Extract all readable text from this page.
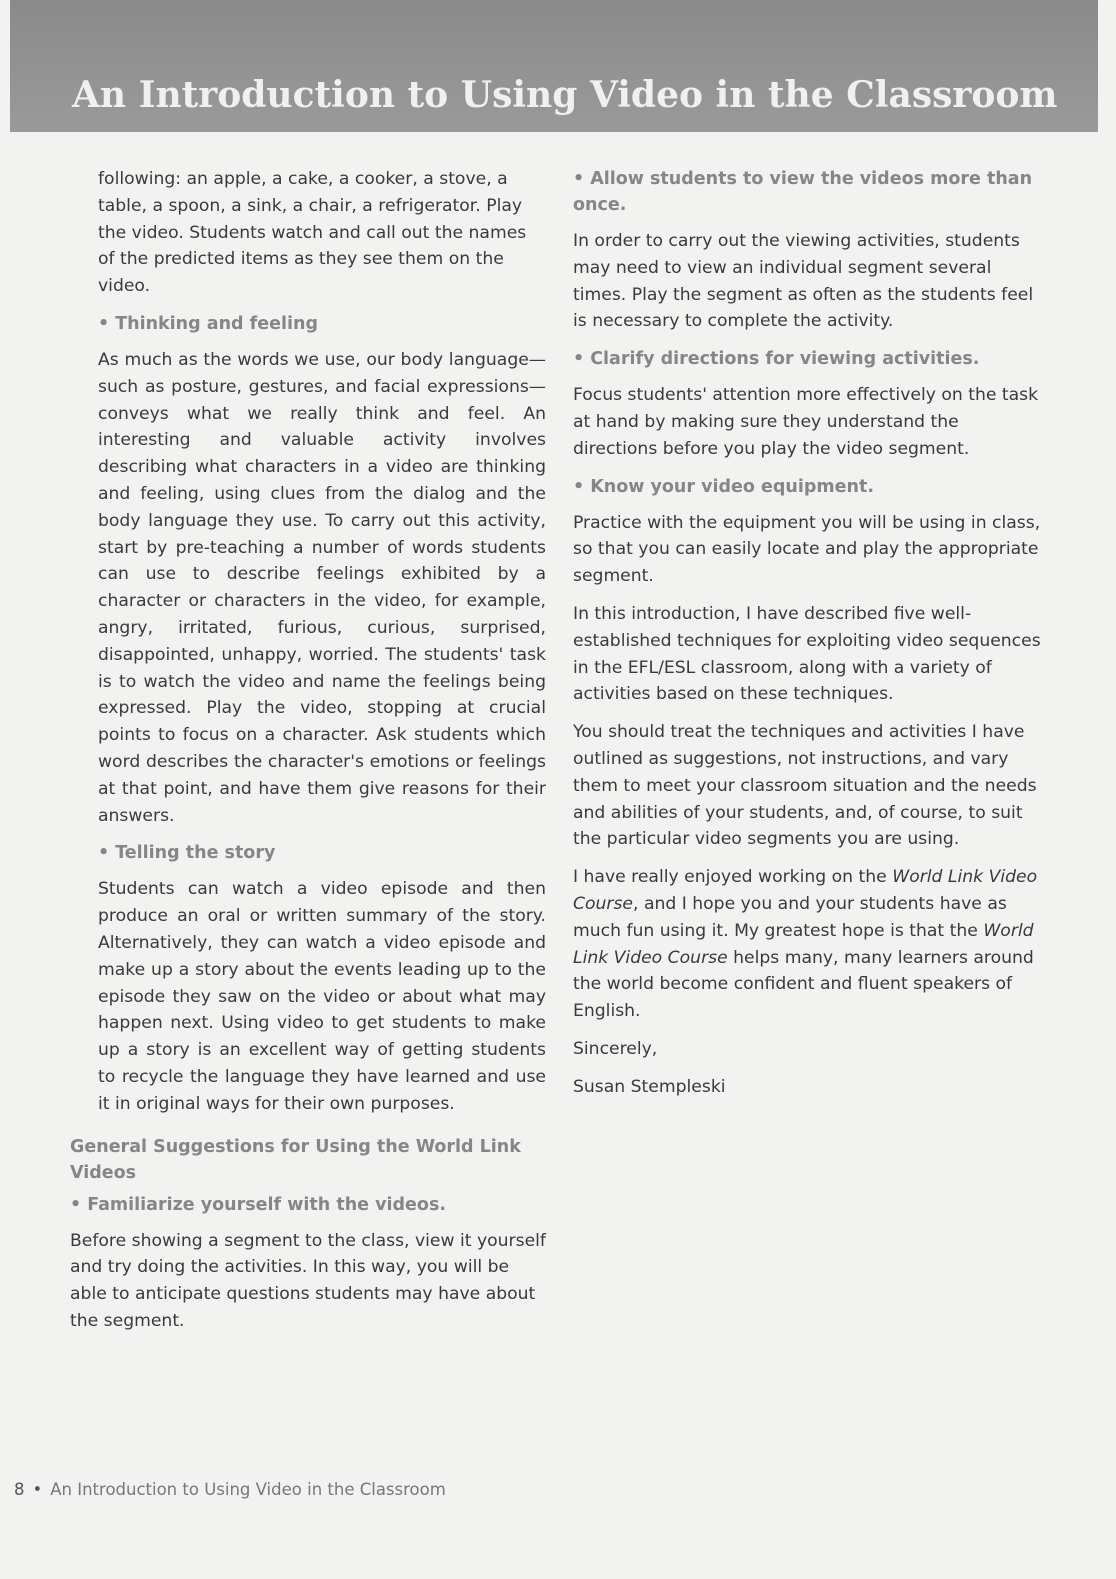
An Introduction to Using Video in the Classroom

following: an apple, a cake, a cooker, a stove, a table, a spoon, a sink, a chair, a refrigerator. Play the video. Students watch and call out the names of the predicted items as they see them on the video.

• Thinking and feeling

As much as the words we use, our body language—such as posture, gestures, and facial expressions—conveys what we really think and feel. An interesting and valuable activity involves describing what characters in a video are thinking and feeling, using clues from the dialog and the body language they use. To carry out this activity, start by pre-teaching a number of words students can use to describe feelings exhibited by a character or characters in the video, for example, angry, irritated, furious, curious, surprised, disappointed, unhappy, worried. The students' task is to watch the video and name the feelings being expressed. Play the video, stopping at crucial points to focus on a character. Ask students which word describes the character's emotions or feelings at that point, and have them give reasons for their answers.

• Telling the story

Students can watch a video episode and then produce an oral or written summary of the story. Alternatively, they can watch a video episode and make up a story about the events leading up to the episode they saw on the video or about what may happen next. Using video to get students to make up a story is an excellent way of getting students to recycle the language they have learned and use it in original ways for their own purposes.

General Suggestions for Using the World Link Videos
• Familiarize yourself with the videos.

Before showing a segment to the class, view it yourself and try doing the activities. In this way, you will be able to anticipate questions students may have about the segment.

• Allow students to view the videos more than once.

In order to carry out the viewing activities, students may need to view an individual segment several times. Play the segment as often as the students feel is necessary to complete the activity.

• Clarify directions for viewing activities.

Focus students' attention more effectively on the task at hand by making sure they understand the directions before you play the video segment.

• Know your video equipment.

Practice with the equipment you will be using in class, so that you can easily locate and play the appropriate segment.

In this introduction, I have described five well-established techniques for exploiting video sequences in the EFL/ESL classroom, along with a variety of activities based on these techniques.

You should treat the techniques and activities I have outlined as suggestions, not instructions, and vary them to meet your classroom situation and the needs and abilities of your students, and, of course, to suit the particular video segments you are using.

I have really enjoyed working on the World Link Video Course, and I hope you and your students have as much fun using it. My greatest hope is that the World Link Video Course helps many, many learners around the world become confident and fluent speakers of English.

Sincerely,

Susan Stempleski

8 • An Introduction to Using Video in the Classroom
